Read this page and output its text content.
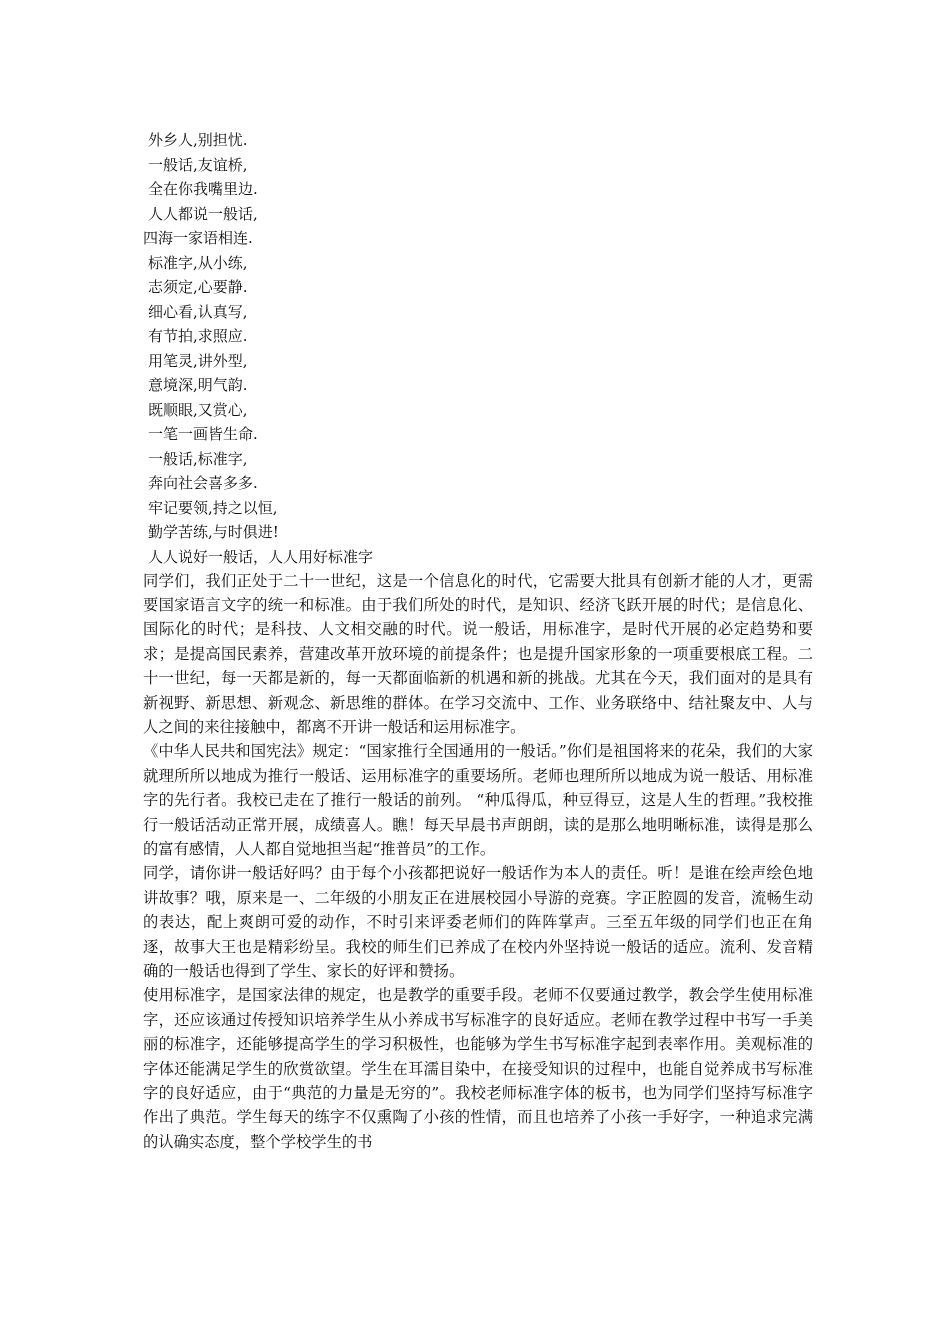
外乡人,别担忧.
一般话,友谊桥,
全在你我嘴里边.
人人都说一般话,
四海一家语相连.
标准字,从小练,
志须定,心要静.
细心看,认真写,
有节拍,求照应.
用笔灵,讲外型,
意境深,明气韵.
既顺眼,又赏心,
一笔一画皆生命.
一般话,标准字,
奔向社会喜多多.
牢记要领,持之以恒,
勤学苦练,与时俱进!
人人说好一般话，人人用好标准字

同学们，我们正处于二十一世纪，这是一个信息化的时代，它需要大批具有创新才能的人才，更需要国家语言文字的统一和标准。由于我们所处的时代，是知识、经济飞跃开展的时代；是信息化、国际化的时代；是科技、人文相交融的时代。说一般话，用标准字，是时代开展的必定趋势和要求；是提高国民素养，营建改革开放环境的前提条件；也是提升国家形象的一项重要根底工程。二十一世纪，每一天都是新的，每一天都面临新的机遇和新的挑战。尤其在今天，我们面对的是具有新视野、新思想、新观念、新思维的群体。在学习交流中、工作、业务联络中、结社聚友中、人与人之间的来往接触中，都离不开讲一般话和运用标准字。

《中华人民共和国宪法》规定：“国家推行全国通用的一般话。”你们是祖国将来的花朵，我们的大家就理所所以地成为推行一般话、运用标准字的重要场所。老师也理所所以地成为说一般话、用标准字的先行者。我校已走在了推行一般话的前列。 “种瓜得瓜，种豆得豆，这是人生的哲理。”我校推行一般话活动正常开展，成绩喜人。瞧！每天早晨书声朗朗，读的是那么地明晰标准，读得是那么的富有感情，人人都自觉地担当起“推普员”的工作。

同学，请你讲一般话好吗？由于每个小孩都把说好一般话作为本人的责任。听！是谁在绘声绘色地讲故事？哦，原来是一、二年级的小朋友正在进展校园小导游的竞赛。字正腔圆的发音，流畅生动的表达，配上爽朗可爱的动作，不时引来评委老师们的阵阵掌声。三至五年级的同学们也正在角逐，故事大王也是精彩纷呈。我校的师生们已养成了在校内外坚持说一般话的适应。流利、发音精确的一般话也得到了学生、家长的好评和赞扬。

使用标准字，是国家法律的规定，也是教学的重要手段。老师不仅要通过教学，教会学生使用标准字，还应该通过传授知识培养学生从小养成书写标准字的良好适应。老师在教学过程中书写一手美丽的标准字，还能够提高学生的学习积极性，也能够为学生书写标准字起到表率作用。美观标准的字体还能满足学生的欣赏欲望。学生在耳濡目染中，在接受知识的过程中，也能自觉养成书写标准字的良好适应，由于“典范的力量是无穷的”。我校老师标准字体的板书，也为同学们坚持写标准字作出了典范。学生每天的练字不仅熏陶了小孩的性情，而且也培养了小孩一手好字，一种追求完满的认确实态度，整个学校学生的书
